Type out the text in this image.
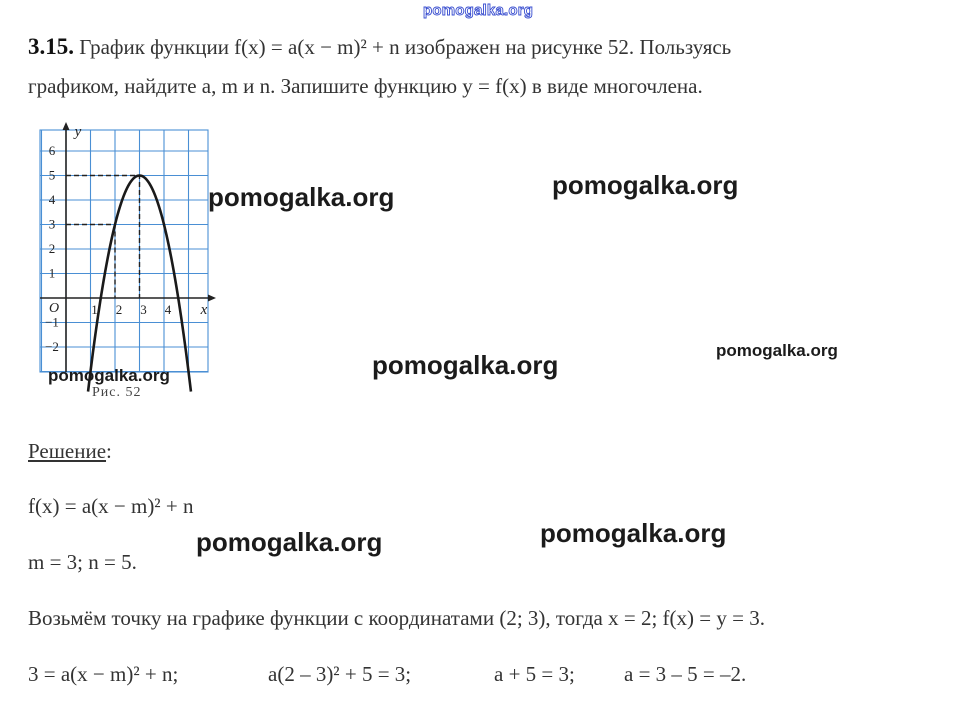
pomogalka.org
3.15. График функции f(x) = a(x − m)² + n изображен на рисунке 52. Пользуясь
графиком, найдите a, m и n. Запишите функцию y = f(x) в виде многочлена.
6
5
4
3
2
1
−1
−2
1 2 3 4
y
x
O
Рис. 52
pomogalka.org	pomogalka.org
pomogalka.org	pomogalka.org
pomogalka.org
pomogalka.org	pomogalka.org
Решение:
f(x) = a(x − m)² + n
m = 3; n = 5.
Возьмём точку на графике функции с координатами (2; 3), тогда x = 2; f(x) = y = 3.
3 = a(x − m)² + n;	a(2 – 3)² + 5 = 3;	a + 5 = 3; a = 3 – 5 = –2.
